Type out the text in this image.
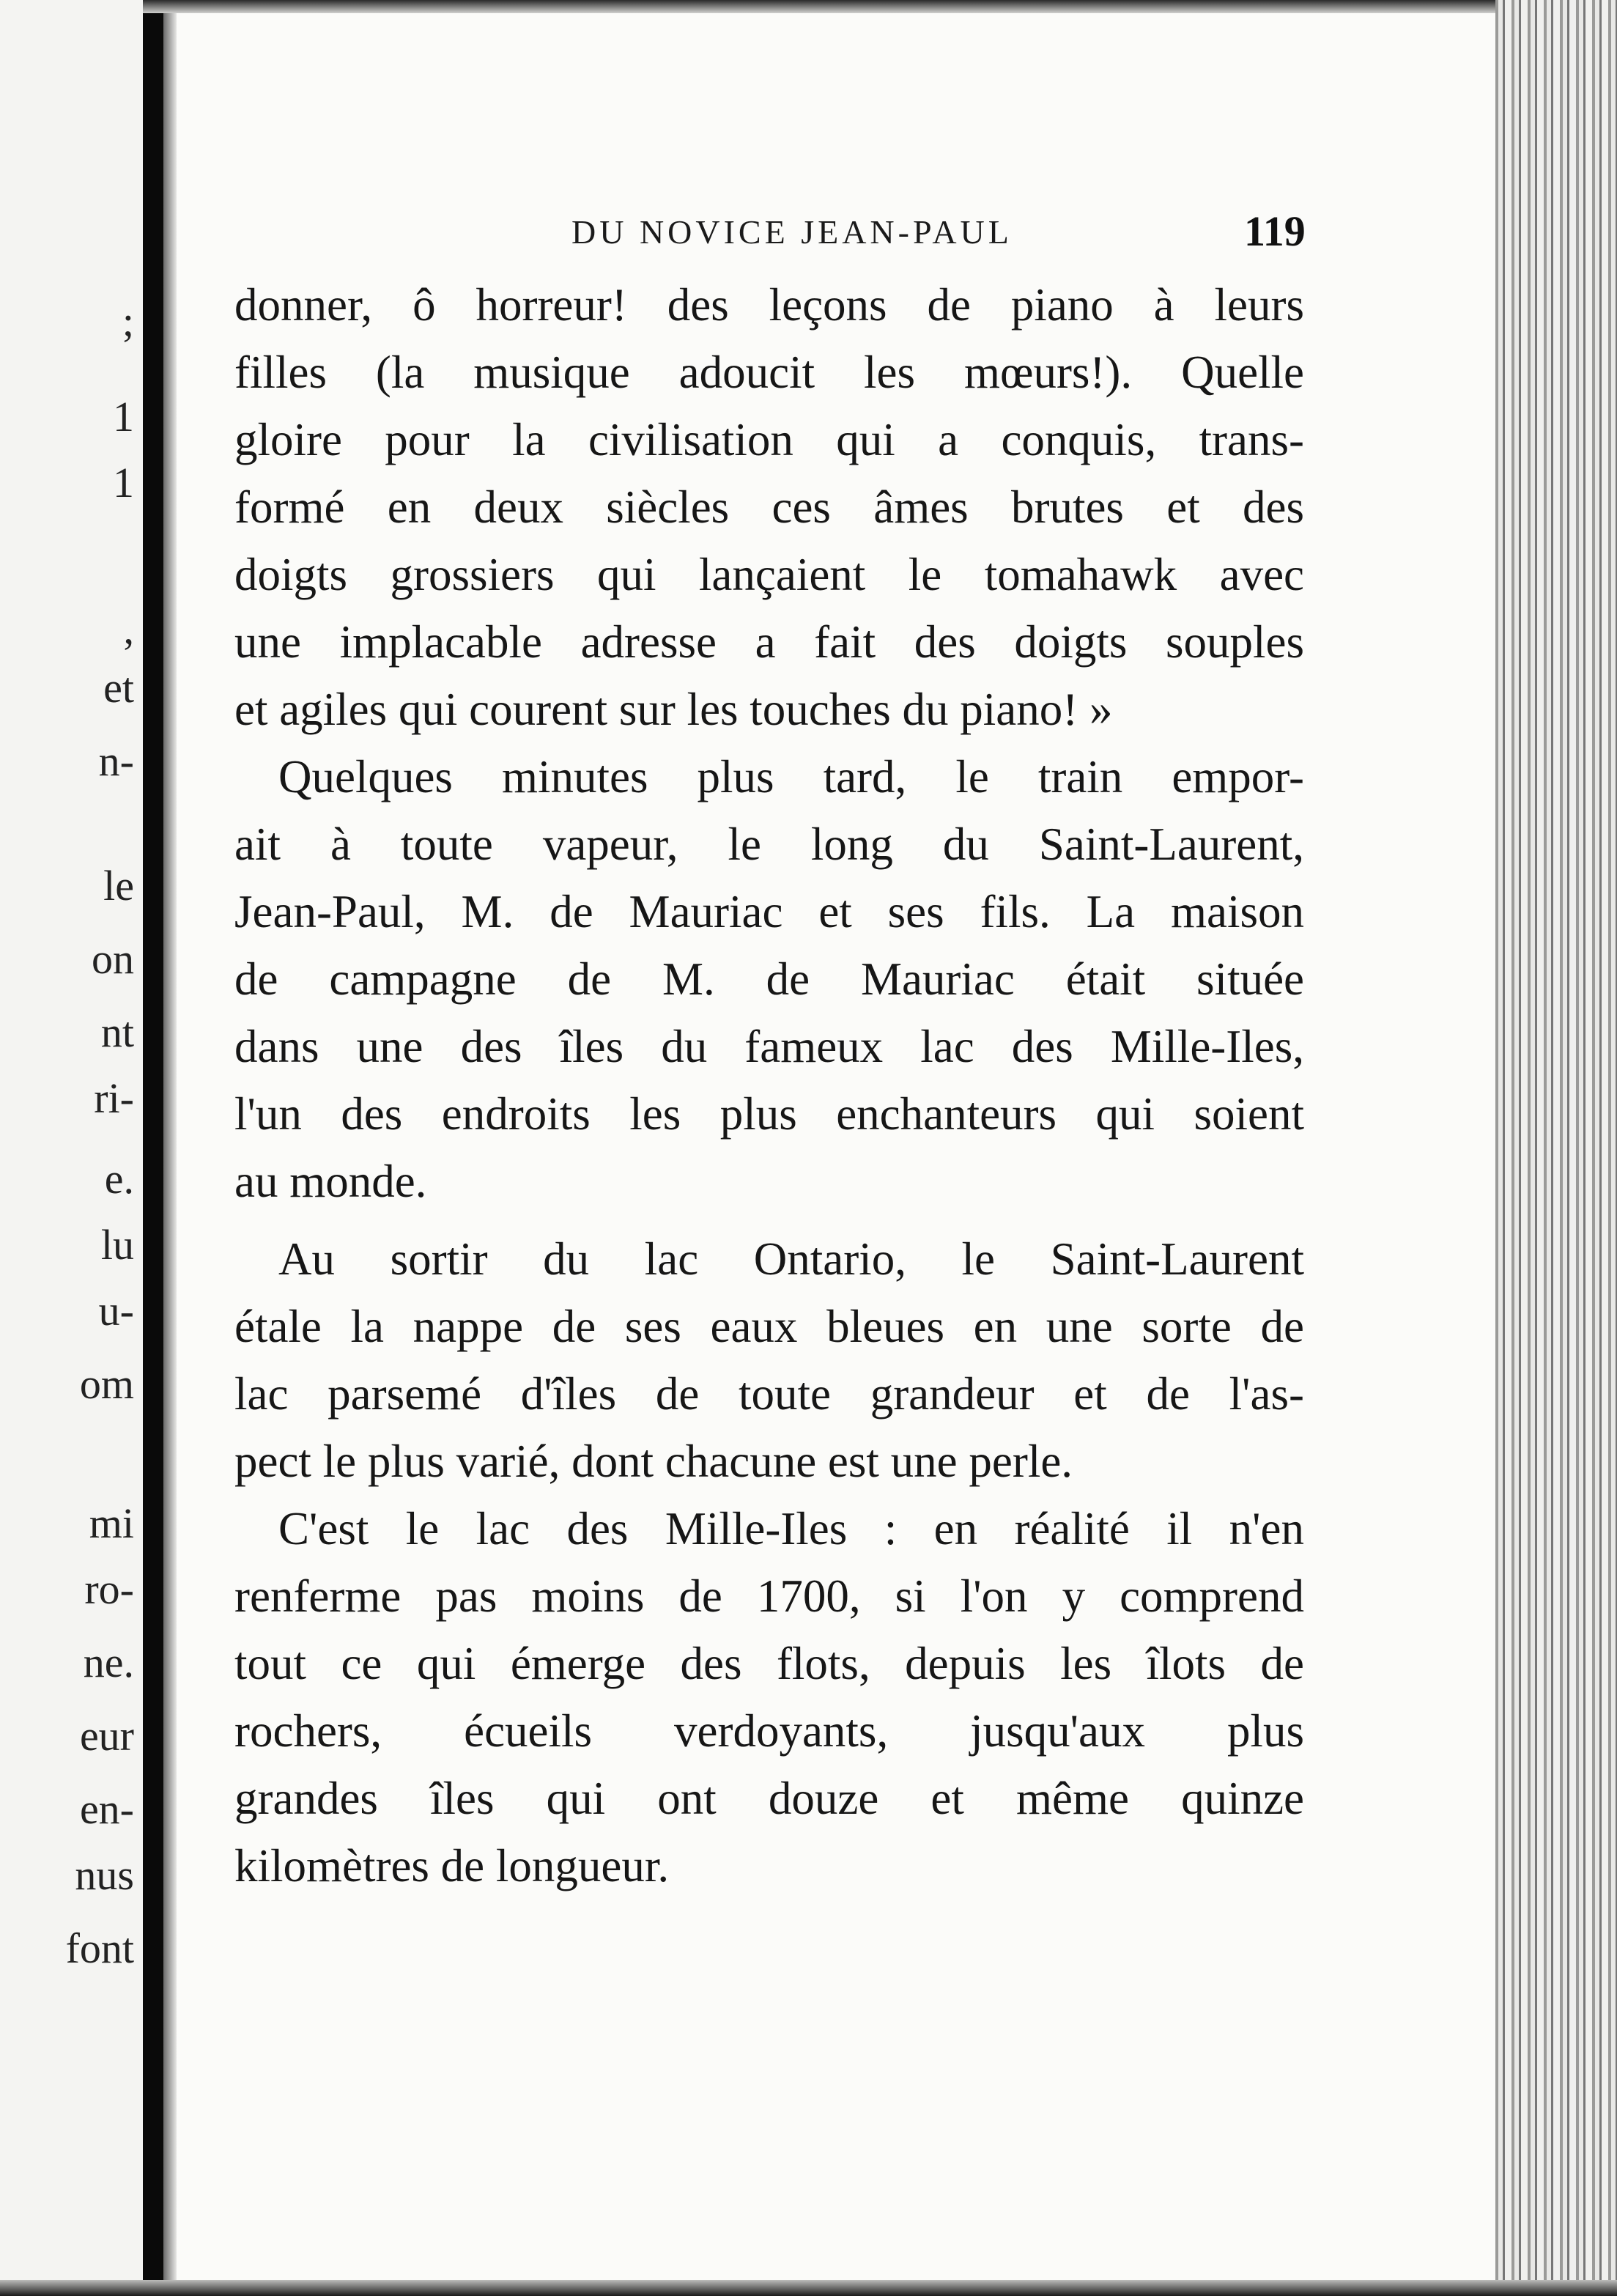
;
1
1
,
et
n-
le
on
nt
ri-
e.
lu
u-
om
mi
ro-
ne.
eur
en-
nus
font
DU NOVICE JEAN-PAUL	119
donner, ô horreur! des leçons de piano à leurs
filles (la musique adoucit les mœurs!). Quelle
gloire pour la civilisation qui a conquis, trans-
formé en deux siècles ces âmes brutes et des
doigts grossiers qui lançaient le tomahawk avec
une implacable adresse a fait des doigts souples
et agiles qui courent sur les touches du piano! »
Quelques minutes plus tard, le train empor-
ait à toute vapeur, le long du Saint-Laurent,
Jean-Paul, M. de Mauriac et ses fils. La maison
de campagne de M. de Mauriac était située
dans une des îles du fameux lac des Mille-Iles,
l'un des endroits les plus enchanteurs qui soient
au monde.
Au sortir du lac Ontario, le Saint-Laurent
étale la nappe de ses eaux bleues en une sorte de
lac parsemé d'îles de toute grandeur et de l'as-
pect le plus varié, dont chacune est une perle.
C'est le lac des Mille-Iles : en réalité il n'en
renferme pas moins de 1700, si l'on y comprend
tout ce qui émerge des flots, depuis les îlots de
rochers, écueils verdoyants, jusqu'aux plus
grandes îles qui ont douze et même quinze
kilomètres de longueur.
